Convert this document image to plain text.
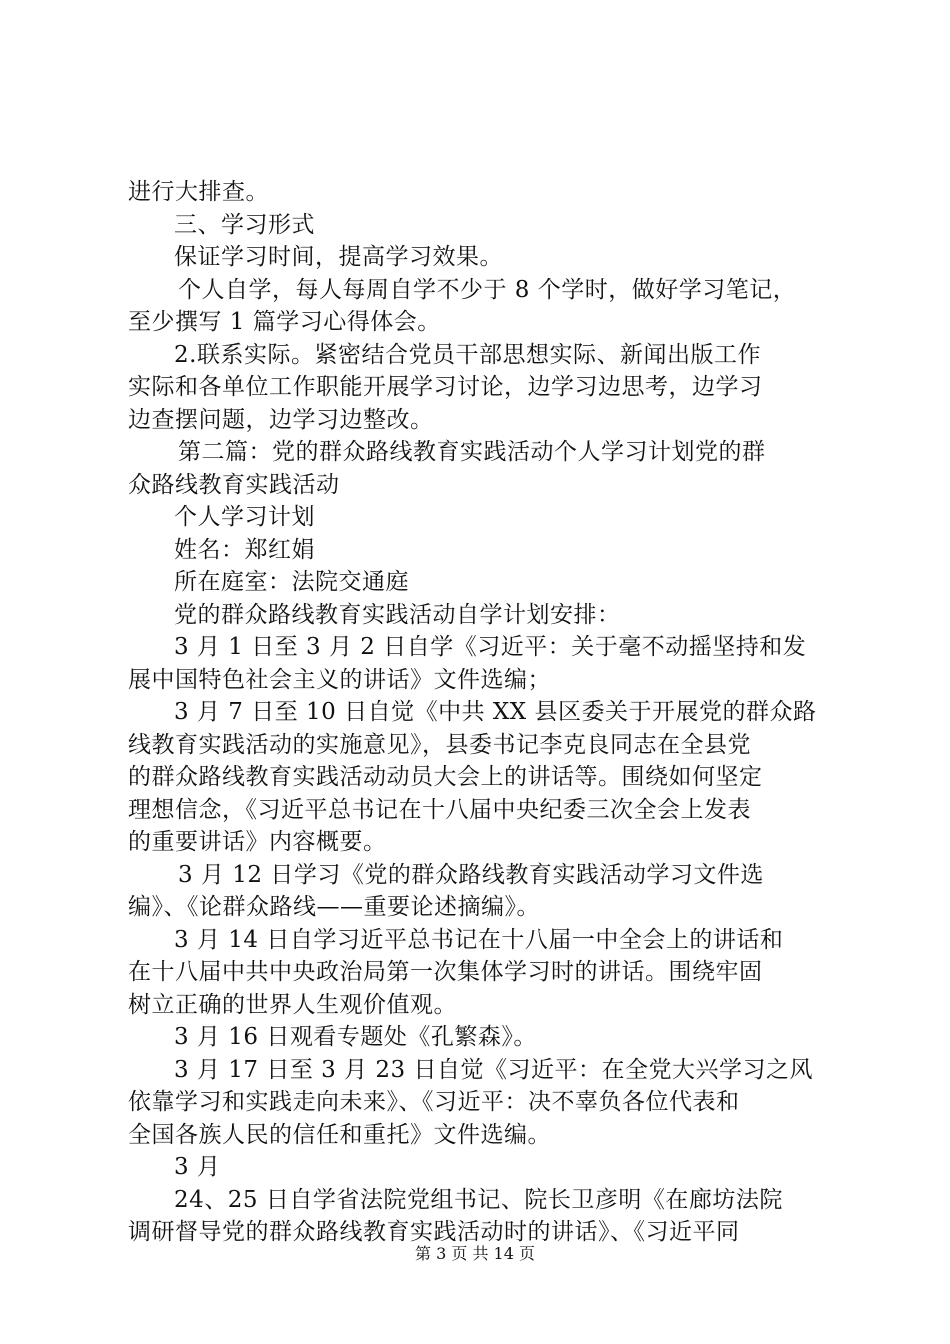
进行大排查。
三、学习形式
保证学习时间，提高学习效果。
个人自学，每人每周自学不少于 8 个学时，做好学习笔记，
至少撰写 1 篇学习心得体会。
2.联系实际。紧密结合党员干部思想实际、新闻出版工作
实际和各单位工作职能开展学习讨论，边学习边思考，边学习
边查摆问题，边学习边整改。
第二篇：党的群众路线教育实践活动个人学习计划党的群
众路线教育实践活动
个人学习计划
姓名：郑红娟
所在庭室：法院交通庭
党的群众路线教育实践活动自学计划安排：
3 月 1 日至 3 月 2 日自学《习近平：关于毫不动摇坚持和发
展中国特色社会主义的讲话》文件选编；
3 月 7 日至 10 日自觉《中共 XX 县区委关于开展党的群众路
线教育实践活动的实施意见》，县委书记李克良同志在全县党
的群众路线教育实践活动动员大会上的讲话等。围绕如何坚定
理想信念，《习近平总书记在十八届中央纪委三次全会上发表
的重要讲话》内容概要。
3 月 12 日学习《党的群众路线教育实践活动学习文件选
编》、《论群众路线——重要论述摘编》。
3 月 14 日自学习近平总书记在十八届一中全会上的讲话和
在十八届中共中央政治局第一次集体学习时的讲话。围绕牢固
树立正确的世界人生观价值观。
3 月 16 日观看专题处《孔繁森》。
3 月 17 日至 3 月 23 日自觉《习近平：在全党大兴学习之风
依靠学习和实践走向未来》、《习近平：决不辜负各位代表和
全国各族人民的信任和重托》文件选编。
3 月
24、25 日自学省法院党组书记、院长卫彦明《在廊坊法院
调研督导党的群众路线教育实践活动时的讲话》、《习近平同
第 3 页 共 14 页
